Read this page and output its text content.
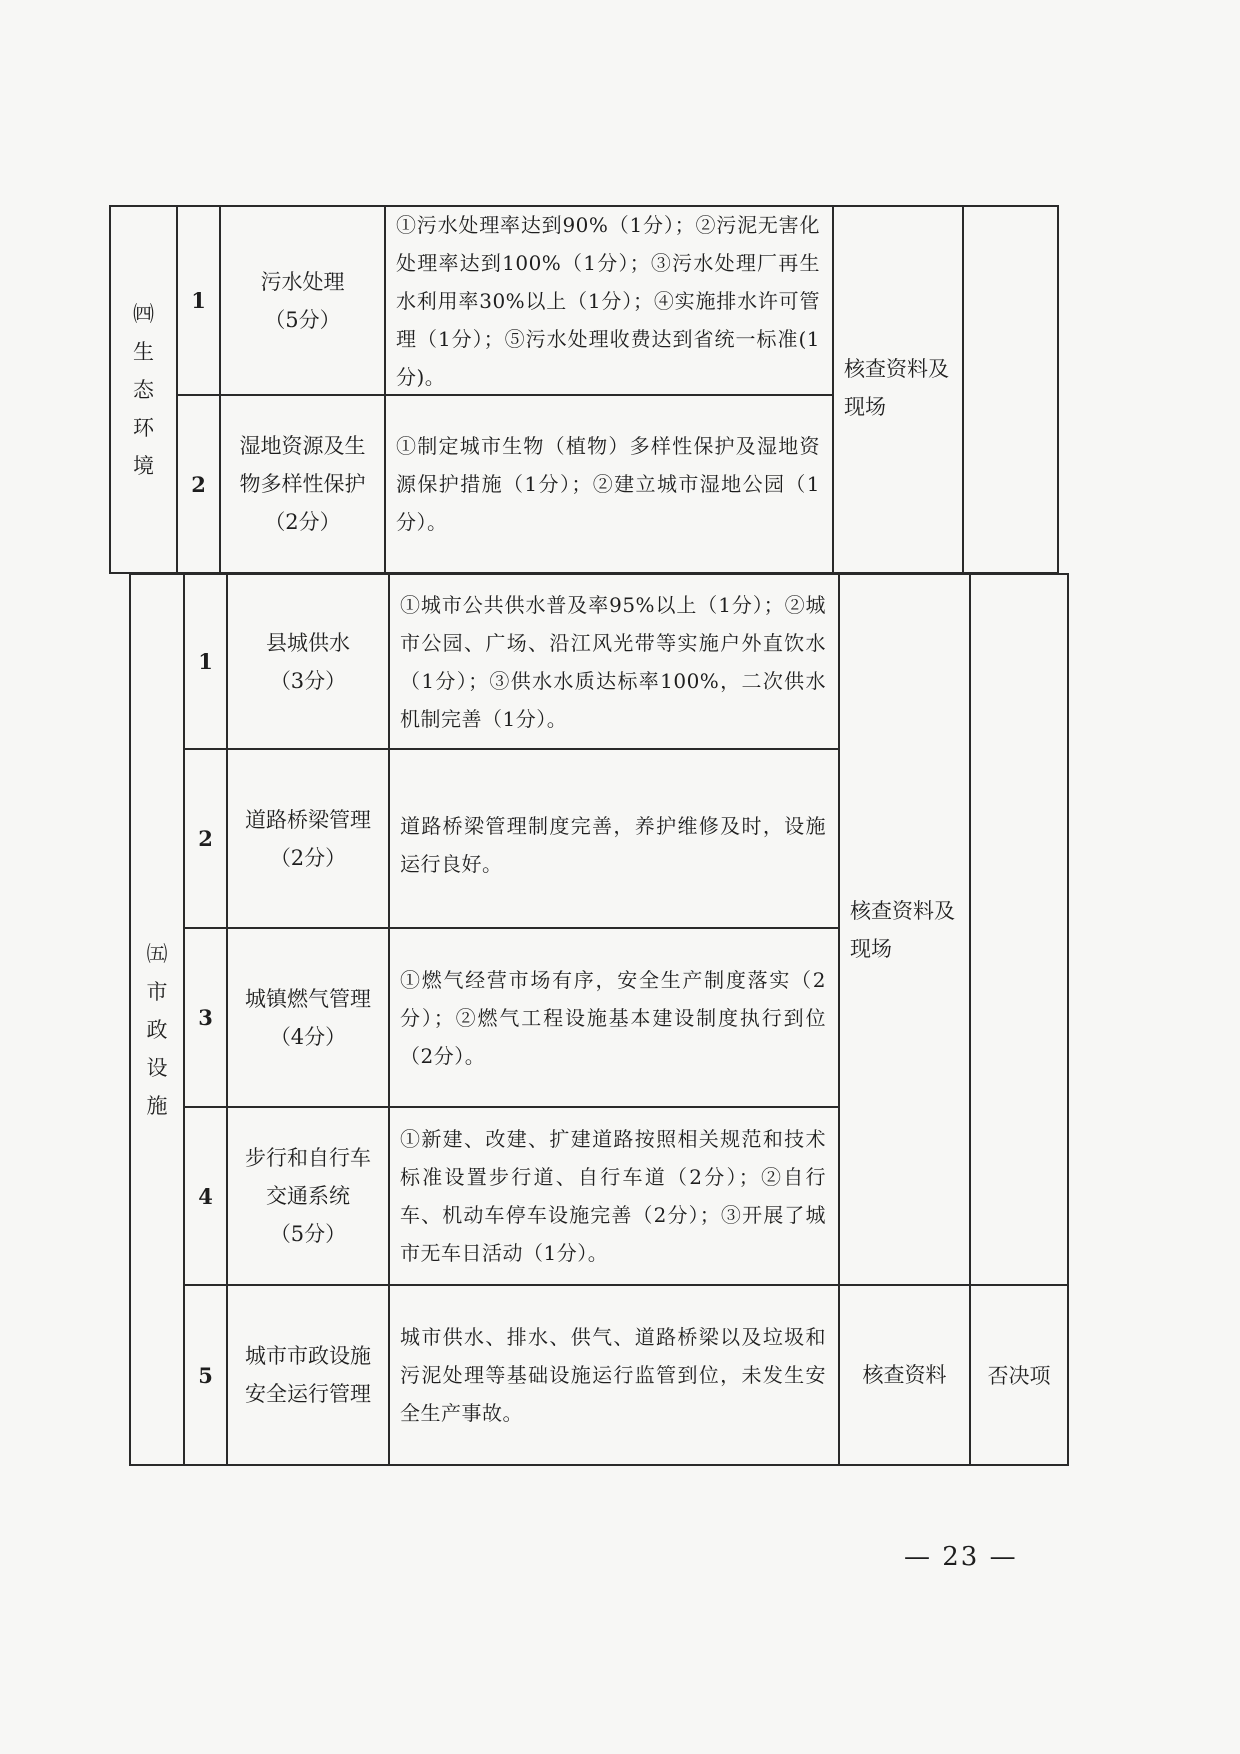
㈣
生
态
环
境
1
污水处理
（5分）
①污水处理率达到90%（1分）；②污泥无害化处理率达到100%（1分）；③污水处理厂再生水利用率30%以上（1分）；④实施排水许可管理（1分）；⑤污水处理收费达到省统一标准(1分)。
2
湿地资源及生
物多样性保护
（2分）
①制定城市生物（植物）多样性保护及湿地资源保护措施（1分）；②建立城市湿地公园（1分）。
核查资料及现场
㈤
市
政
设
施
1
县城供水
（3分）
①城市公共供水普及率95%以上（1分）；②城市公园、广场、沿江风光带等实施户外直饮水（1分）；③供水水质达标率100%，二次供水机制完善（1分）。
2
道路桥梁管理
（2分）
道路桥梁管理制度完善，养护维修及时，设施运行良好。
3
城镇燃气管理
（4分）
①燃气经营市场有序，安全生产制度落实（2分）；②燃气工程设施基本建设制度执行到位（2分）。
4
步行和自行车
交通系统
（5分）
①新建、改建、扩建道路按照相关规范和技术标准设置步行道、自行车道（2分）；②自行车、机动车停车设施完善（2分）；③开展了城市无车日活动（1分）。
5
城市市政设施
安全运行管理
城市供水、排水、供气、道路桥梁以及垃圾和污泥处理等基础设施运行监管到位，未发生安全生产事故。
核查资料	否决项
核查资料及现场
— 23 —
